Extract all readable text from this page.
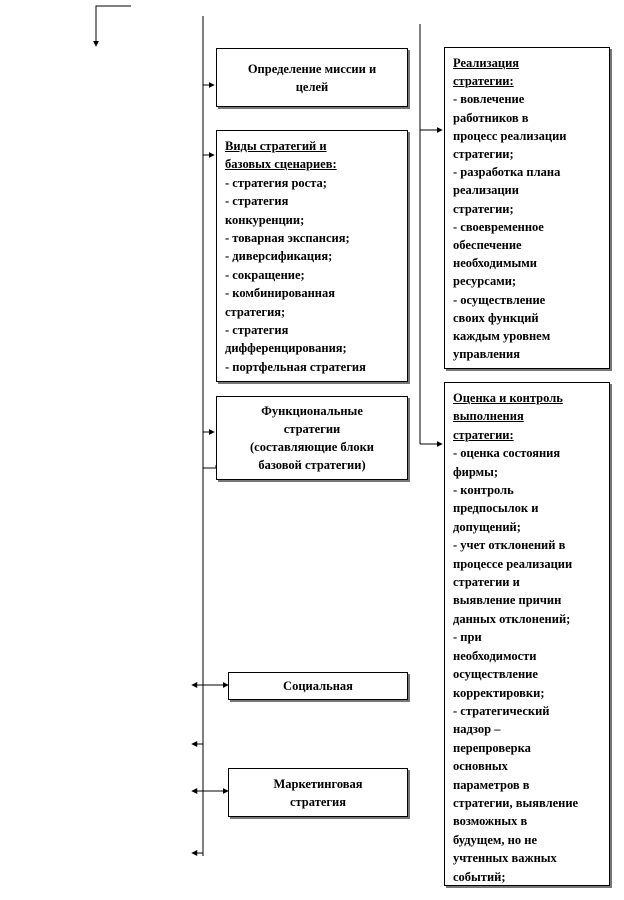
Определение миссии и
целей
Виды стратегий и
базовых сценариев:
- стратегия роста;
- стратегия
конкуренции;
- товарная экспансия;
- диверсификация;
- сокращение;
- комбинированная
стратегия;
- стратегия
дифференцирования;
- портфельная стратегия
Функциональные
стратегии
(составляющие блоки
базовой стратегии)
Социальная
Маркетинговая
стратегия
Реализация
стратегии:
- вовлечение
работников в
процесс реализации
стратегии;
- разработка плана
реализации
стратегии;
- своевременное
обеспечение
необходимыми
ресурсами;
- осуществление
своих функций
каждым уровнем
управления
Оценка и контроль
выполнения
стратегии:
- оценка состояния
фирмы;
- контроль
предпосылок и
допущений;
- учет отклонений в
процессе реализации
стратегии и
выявление причин
данных отклонений;
- при
необходимости
осуществление
корректировки;
- стратегический
надзор –
перепроверка
основных
параметров в
стратегии, выявление
возможных в
будущем, но не
учтенных важных
событий;
